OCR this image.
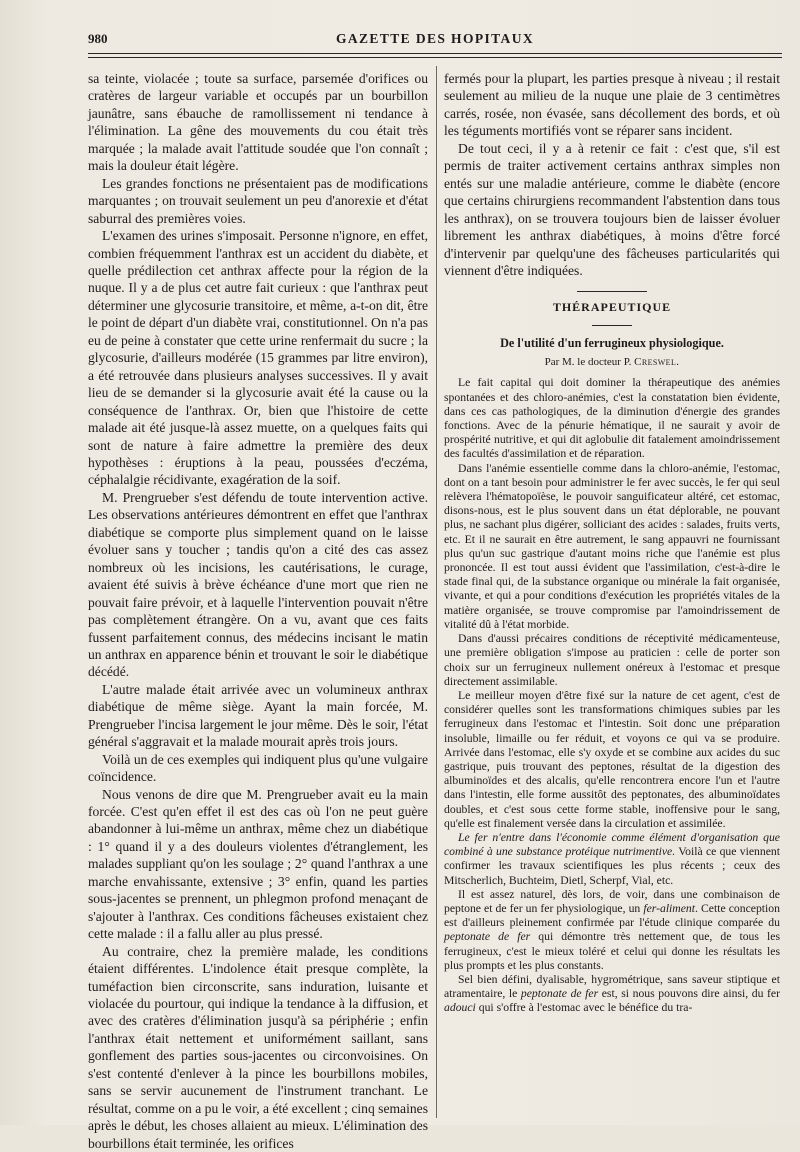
980	GAZETTE DES HOPITAUX

sa teinte, violacée ; toute sa surface, parsemée d'orifices ou cratères de largeur variable et occupés par un bourbillon jaunâtre, sans ébauche de ramollissement ni tendance à l'élimination. La gêne des mouvements du cou était très marquée ; la malade avait l'attitude soudée que l'on connaît ; mais la douleur était légère.

Les grandes fonctions ne présentaient pas de modifications marquantes ; on trouvait seulement un peu d'anorexie et d'état saburral des premières voies.

L'examen des urines s'imposait. Personne n'ignore, en effet, combien fréquemment l'anthrax est un accident du diabète, et quelle prédilection cet anthrax affecte pour la région de la nuque. Il y a de plus cet autre fait curieux : que l'anthrax peut déterminer une glycosurie transitoire, et même, a-t-on dit, être le point de départ d'un diabète vrai, constitutionnel. On n'a pas eu de peine à constater que cette urine renfermait du sucre ; la glycosurie, d'ailleurs modérée (15 grammes par litre environ), a été retrouvée dans plusieurs analyses successives. Il y avait lieu de se demander si la glycosurie avait été la cause ou la conséquence de l'anthrax. Or, bien que l'histoire de cette malade ait été jusque-là assez muette, on a quelques faits qui sont de nature à faire admettre la première des deux hypothèses : éruptions à la peau, poussées d'eczéma, céphalalgie récidivante, exagération de la soif.

M. Prengrueber s'est défendu de toute intervention active. Les observations antérieures démontrent en effet que l'anthrax diabétique se comporte plus simplement quand on le laisse évoluer sans y toucher ; tandis qu'on a cité des cas assez nombreux où les incisions, les cautérisations, le curage, avaient été suivis à brève échéance d'une mort que rien ne pouvait faire prévoir, et à laquelle l'intervention pouvait n'être pas complètement étrangère. On a vu, avant que ces faits fussent parfaitement connus, des médecins incisant le matin un anthrax en apparence bénin et trouvant le soir le diabétique décédé.

L'autre malade était arrivée avec un volumineux anthrax diabétique de même siège. Ayant la main forcée, M. Prengrueber l'incisa largement le jour même. Dès le soir, l'état général s'aggravait et la malade mourait après trois jours.

Voilà un de ces exemples qui indiquent plus qu'une vulgaire coïncidence.

Nous venons de dire que M. Prengrueber avait eu la main forcée. C'est qu'en effet il est des cas où l'on ne peut guère abandonner à lui-même un anthrax, même chez un diabétique : 1° quand il y a des douleurs violentes d'étranglement, les malades suppliant qu'on les soulage ; 2° quand l'anthrax a une marche envahissante, extensive ; 3° enfin, quand les parties sous-jacentes se prennent, un phlegmon profond menaçant de s'ajouter à l'anthrax. Ces conditions fâcheuses existaient chez cette malade : il a fallu aller au plus pressé.

Au contraire, chez la première malade, les conditions étaient différentes. L'indolence était presque complète, la tuméfaction bien circonscrite, sans induration, luisante et violacée du pourtour, qui indique la tendance à la diffusion, et avec des cratères d'élimination jusqu'à sa périphérie ; enfin l'anthrax était nettement et uniformément saillant, sans gonflement des parties sous-jacentes ou circonvoisines. On s'est contenté d'enlever à la pince les bourbillons mobiles, sans se servir aucunement de l'instrument tranchant. Le résultat, comme on a pu le voir, a été excellent ; cinq semaines après le début, les choses allaient au mieux. L'élimination des bourbillons était terminée, les orifices

fermés pour la plupart, les parties presque à niveau ; il restait seulement au milieu de la nuque une plaie de 3 centimètres carrés, rosée, non évasée, sans décollement des bords, et où les téguments mortifiés vont se réparer sans incident.

De tout ceci, il y a à retenir ce fait : c'est que, s'il est permis de traiter activement certains anthrax simples non entés sur une maladie antérieure, comme le diabète (encore que certains chirurgiens recommandent l'abstention dans tous les anthrax), on se trouvera toujours bien de laisser évoluer librement les anthrax diabétiques, à moins d'être forcé d'intervenir par quelqu'une des fâcheuses particularités qui viennent d'être indiquées.

THÉRAPEUTIQUE
De l'utilité d'un ferrugineux physiologique.
Par M. le docteur P. Creswel.

Le fait capital qui doit dominer la thérapeutique des anémies spontanées et des chloro-anémies, c'est la constatation bien évidente, dans ces cas pathologiques, de la diminution d'énergie des grandes fonctions. Avec de la pénurie hématique, il ne saurait y avoir de prospérité nutritive, et qui dit aglobulie dit fatalement amoindrissement des facultés d'assimilation et de réparation.

Dans l'anémie essentielle comme dans la chloro-anémie, l'estomac, dont on a tant besoin pour administrer le fer avec succès, le fer qui seul relèvera l'hématopoïèse, le pouvoir sanguificateur altéré, cet estomac, disons-nous, est le plus souvent dans un état déplorable, ne pouvant plus, ne sachant plus digérer, solliciant des acides : salades, fruits verts, etc. Et il ne saurait en être autrement, le sang appauvri ne fournissant plus qu'un suc gastrique d'autant moins riche que l'anémie est plus prononcée. Il est tout aussi évident que l'assimilation, c'est-à-dire le stade final qui, de la substance organique ou minérale la fait organisée, vivante, et qui a pour conditions d'exécution les propriétés vitales de la matière organisée, se trouve compromise par l'amoindrissement de vitalité dû à l'état morbide.

Dans d'aussi précaires conditions de réceptivité médicamenteuse, une première obligation s'impose au praticien : celle de porter son choix sur un ferrugineux nullement onéreux à l'estomac et presque directement assimilable.

Le meilleur moyen d'être fixé sur la nature de cet agent, c'est de considérer quelles sont les transformations chimiques subies par les ferrugineux dans l'estomac et l'intestin. Soit donc une préparation insoluble, limaille ou fer réduit, et voyons ce qui va se produire. Arrivée dans l'estomac, elle s'y oxyde et se combine aux acides du suc gastrique, puis trouvant des peptones, résultat de la digestion des albuminoïdes et des alcalis, qu'elle rencontrera encore l'un et l'autre dans l'intestin, elle forme aussitôt des peptonates, des albuminoïdates doubles, et c'est sous cette forme stable, inoffensive pour le sang, qu'elle est finalement versée dans la circulation et assimilée.

Le fer n'entre dans l'économie comme élément d'organisation que combiné à une substance protéique nutrimentive. Voilà ce que viennent confirmer les travaux scientifiques les plus récents ; ceux des Mitscherlich, Buchteim, Dietl, Scherpf, Vial, etc.

Il est assez naturel, dès lors, de voir, dans une combinaison de peptone et de fer un fer physiologique, un fer-aliment. Cette conception est d'ailleurs pleinement confirmée par l'étude clinique comparée du peptonate de fer qui démontre très nettement que, de tous les ferrugineux, c'est le mieux toléré et celui qui donne les résultats les plus prompts et les plus constants.

Sel bien défini, dyalisable, hygrométrique, sans saveur stiptique et atramentaire, le peptonate de fer est, si nous pouvons dire ainsi, du fer adouci qui s'offre à l'estomac avec le bénéfice du tra-
